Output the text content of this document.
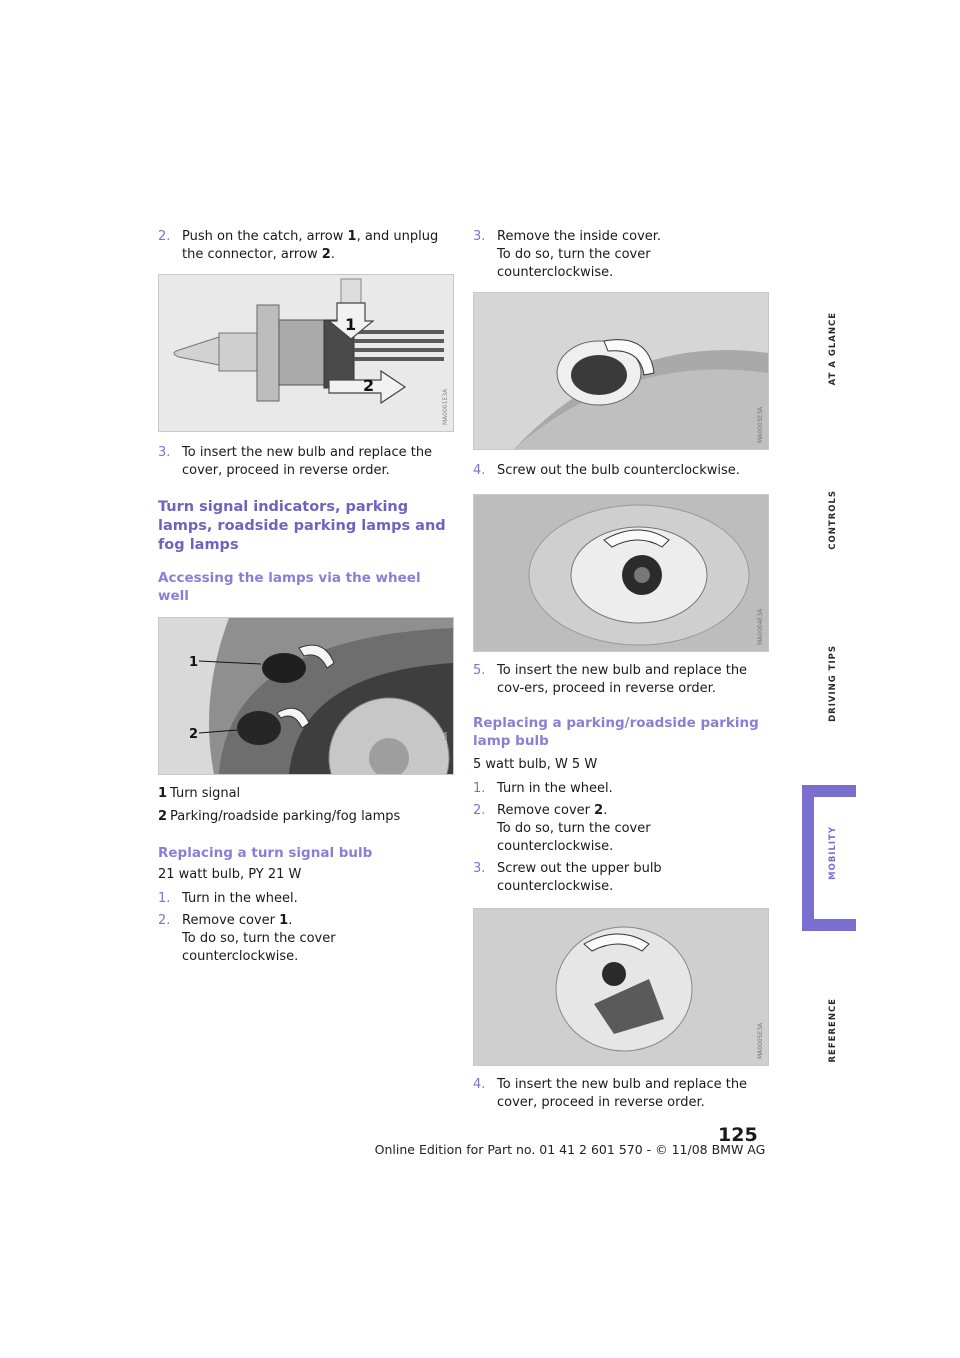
2. Push on the catch, arrow 1, and unplug the connector, arrow 2.
1
2
MA0001E3A
3. To insert the new bulb and replace the cover, proceed in reverse order.
Turn signal indicators, parking lamps, roadside parking lamps and fog lamps
Accessing the lamps via the wheel well
1
2	MA0002E3A
1 Turn signal
2 Parking/roadside parking/fog lamps
Replacing a turn signal bulb

21 watt bulb, PY 21 W

1. Turn in the wheel.
2. Remove cover 1.
To do so, turn the cover counterclockwise.
3. Remove the inside cover.
To do so, turn the cover counterclockwise.
MA0003E3A
4. Screw out the bulb counterclockwise.
MA0004E3A
5. To insert the new bulb and replace the cov-ers, proceed in reverse order.
Replacing a parking/roadside parking lamp bulb

5 watt bulb, W 5 W

1. Turn in the wheel.
2. Remove cover 2.
To do so, turn the cover counterclockwise.
3. Screw out the upper bulb counterclockwise.
MA0005E3A
4. To insert the new bulb and replace the cover, proceed in reverse order.
AT A GLANCE
CONTROLS
DRIVING TIPS
MOBILITY
REFERENCE
125
Online Edition for Part no. 01 41 2 601 570 - © 11/08 BMW AG
